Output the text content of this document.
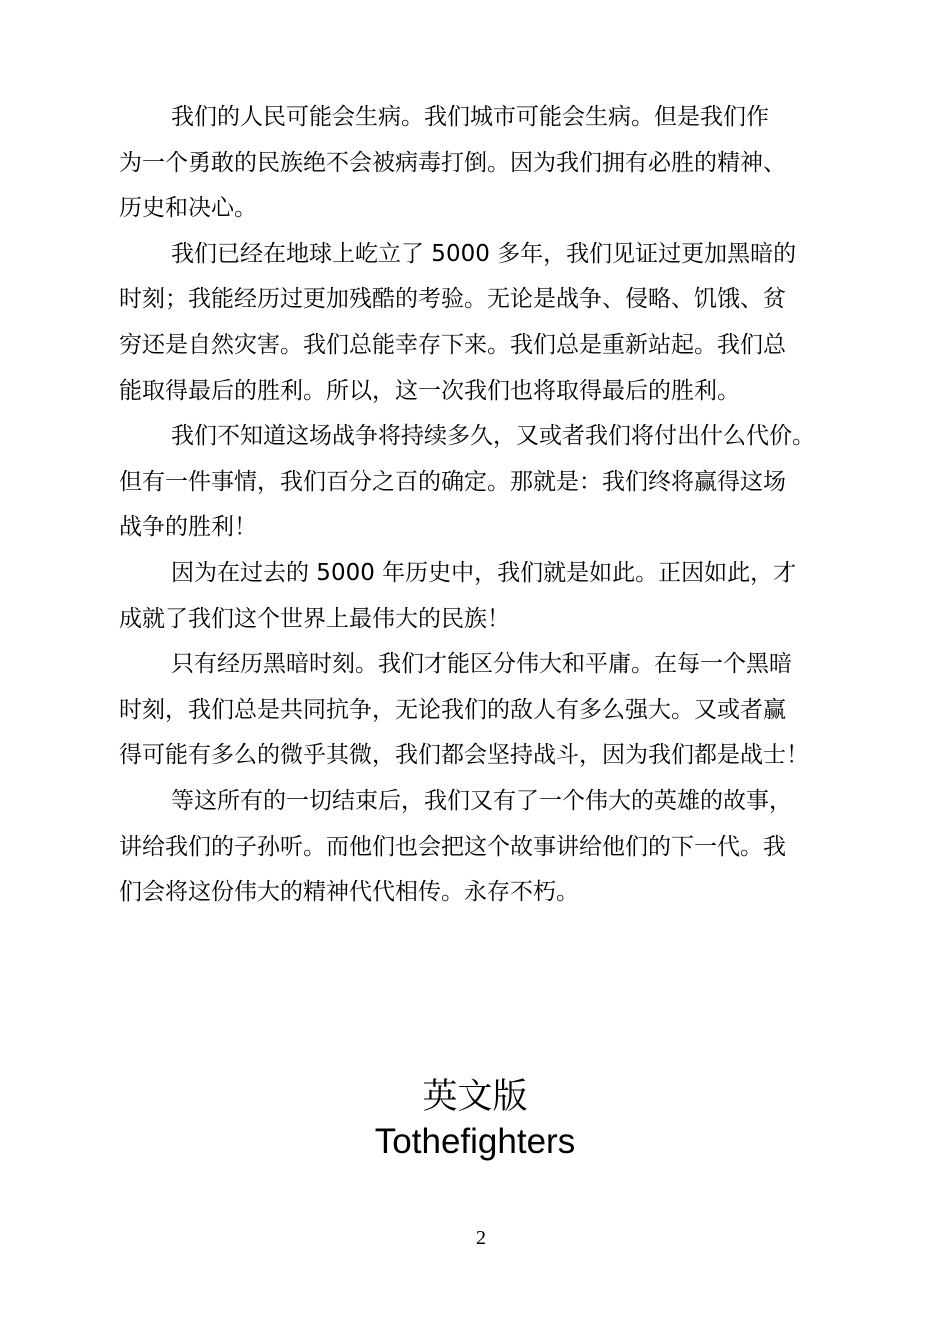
我们的人民可能会生病。我们城市可能会生病。但是我们作
为一个勇敢的民族绝不会被病毒打倒。因为我们拥有必胜的精神、
历史和决心。
我们已经在地球上屹立了 5000 多年，我们见证过更加黑暗的
时刻；我能经历过更加残酷的考验。无论是战争、侵略、饥饿、贫
穷还是自然灾害。我们总能幸存下来。我们总是重新站起。我们总
能取得最后的胜利。所以，这一次我们也将取得最后的胜利。
我们不知道这场战争将持续多久，又或者我们将付出什么代价。
但有一件事情，我们百分之百的确定。那就是：我们终将赢得这场
战争的胜利！
因为在过去的 5000 年历史中，我们就是如此。正因如此，才
成就了我们这个世界上最伟大的民族！
只有经历黑暗时刻。我们才能区分伟大和平庸。在每一个黑暗
时刻，我们总是共同抗争，无论我们的敌人有多么强大。又或者赢
得可能有多么的微乎其微，我们都会坚持战斗，因为我们都是战士！
等这所有的一切结束后，我们又有了一个伟大的英雄的故事，
讲给我们的子孙听。而他们也会把这个故事讲给他们的下一代。我
们会将这份伟大的精神代代相传。永存不朽。
英文版
Tothefighters
2
